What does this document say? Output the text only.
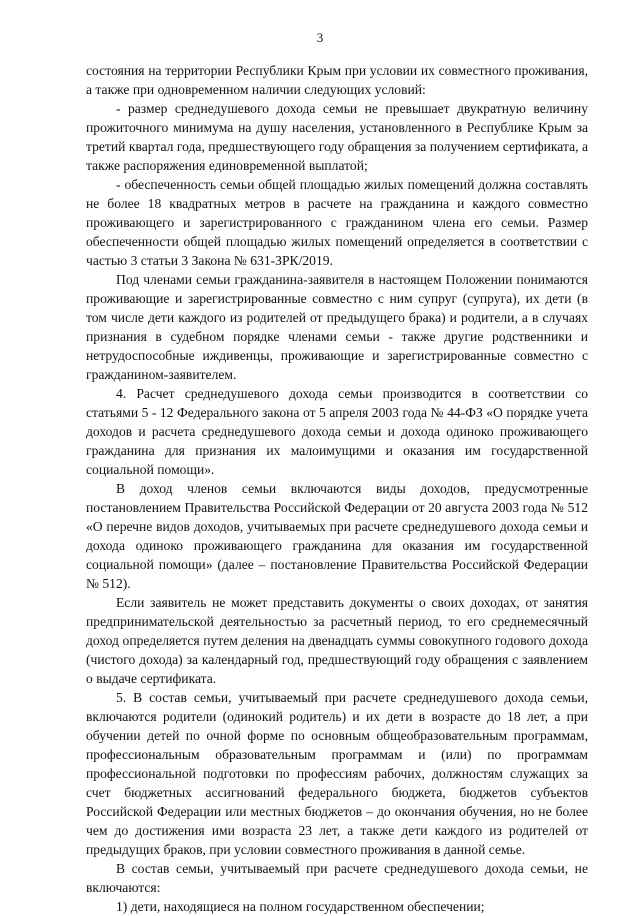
3

состояния на территории Республики Крым при условии их совместного проживания, а также при одновременном наличии следующих условий:

- размер среднедушевого дохода семьи не превышает двукратную величину прожиточного минимума на душу населения, установленного в Республике Крым за третий квартал года, предшествующего году обращения за получением сертификата, а также распоряжения единовременной выплатой;

- обеспеченность семьи общей площадью жилых помещений должна составлять не более 18 квадратных метров в расчете на гражданина и каждого совместно проживающего и зарегистрированного с гражданином члена его семьи. Размер обеспеченности общей площадью жилых помещений определяется в соответствии с частью 3 статьи 3 Закона № 631-ЗРК/2019.

Под членами семьи гражданина-заявителя в настоящем Положении понимаются проживающие и зарегистрированные совместно с ним супруг (супруга), их дети (в том числе дети каждого из родителей от предыдущего брака) и родители, а в случаях признания в судебном порядке членами семьи - также другие родственники и нетрудоспособные иждивенцы, проживающие и зарегистрированные совместно с гражданином-заявителем.

4. Расчет среднедушевого дохода семьи производится в соответствии со статьями 5 - 12 Федерального закона от 5 апреля 2003 года № 44-ФЗ «О порядке учета доходов и расчета среднедушевого дохода семьи и дохода одиноко проживающего гражданина для признания их малоимущими и оказания им государственной социальной помощи».

В доход членов семьи включаются виды доходов, предусмотренные постановлением Правительства Российской Федерации от 20 августа 2003 года № 512 «О перечне видов доходов, учитываемых при расчете среднедушевого дохода семьи и дохода одиноко проживающего гражданина для оказания им государственной социальной помощи» (далее – постановление Правительства Российской Федерации № 512).

Если заявитель не может представить документы о своих доходах, от занятия предпринимательской деятельностью за расчетный период, то его среднемесячный доход определяется путем деления на двенадцать суммы совокупного годового дохода (чистого дохода) за календарный год, предшествующий году обращения с заявлением о выдаче сертификата.

5. В состав семьи, учитываемый при расчете среднедушевого дохода семьи, включаются родители (одинокий родитель) и их дети в возрасте до 18 лет, а при обучении детей по очной форме по основным общеобразовательным программам, профессиональным образовательным программам и (или) по программам профессиональной подготовки по профессиям рабочих, должностям служащих за счет бюджетных ассигнований федерального бюджета, бюджетов субъектов Российской Федерации или местных бюджетов – до окончания обучения, но не более чем до достижения ими возраста 23 лет, а также дети каждого из родителей от предыдущих браков, при условии совместного проживания в данной семье.

В состав семьи, учитываемый при расчете среднедушевого дохода семьи, не включаются:

1) дети, находящиеся на полном государственном обеспечении;
